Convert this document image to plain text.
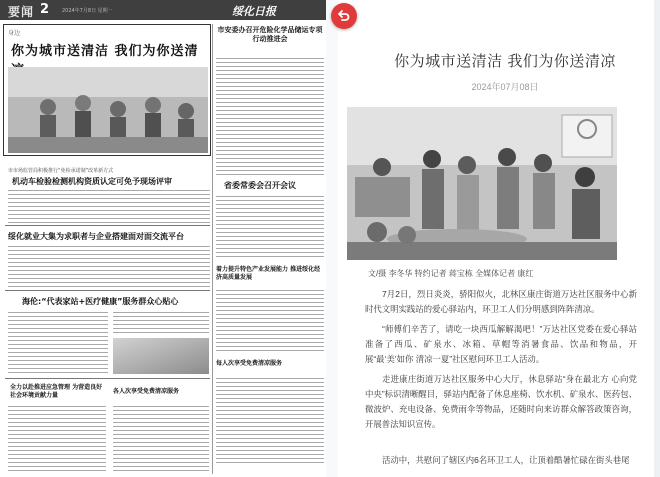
要闻 2	2024年7月8日 星期一	绥化日报
身边
你为城市送清洁 我们为你送清
市安委办召开危险化学品储运专项行动推进会
省委常委会召开会议
着力提升特色产业发展能力 推进绥化经济高质量发展
每人次享受免费清凉服务
市市场监管局积极推行“免检承诺制”改革新方式
机动车检验检测机构资质认定可免予现场评审
绥化就业大集为求职者与企业搭建面对面交流平台
海伦:“代表家站+医疗健康”服务群众心贴心
全力以赴推进应急管理 为营造良好社会环境贡献力量
各人次享受免费清凉服务
你为城市送清洁 我们为你送清凉
2024年07月08日
文/摄 李冬华 特约记者 蒋宝栋 全媒体记者 康红

7月2日，烈日炎炎，骄阳似火，北林区康庄街道万达社区服务中心新时代文明实践站的爱心驿站内，环卫工人们分明感到阵阵清凉。

“师傅们辛苦了，请吃一块西瓜解解渴吧！”万达社区党委在爱心驿站准备了西瓜、矿泉水、冰箱、草帽等消暑食品、饮品和物品，开展“最‘美’如你 清凉一夏”社区慰问环卫工人活动。

走进康庄街道万达社区服务中心大厅，休息驿站“身在最北方 心向党中央”标识清晰醒目，驿站内配备了休息座椅、饮水机、矿泉水、医药包、微波炉、充电设备、免费雨伞等物品，还随时向来访群众解答政策咨询，开展普法知识宣传。

活动中，共慰问了辖区内6名环卫工人，让顶着酷暑忙碌在街头巷尾
